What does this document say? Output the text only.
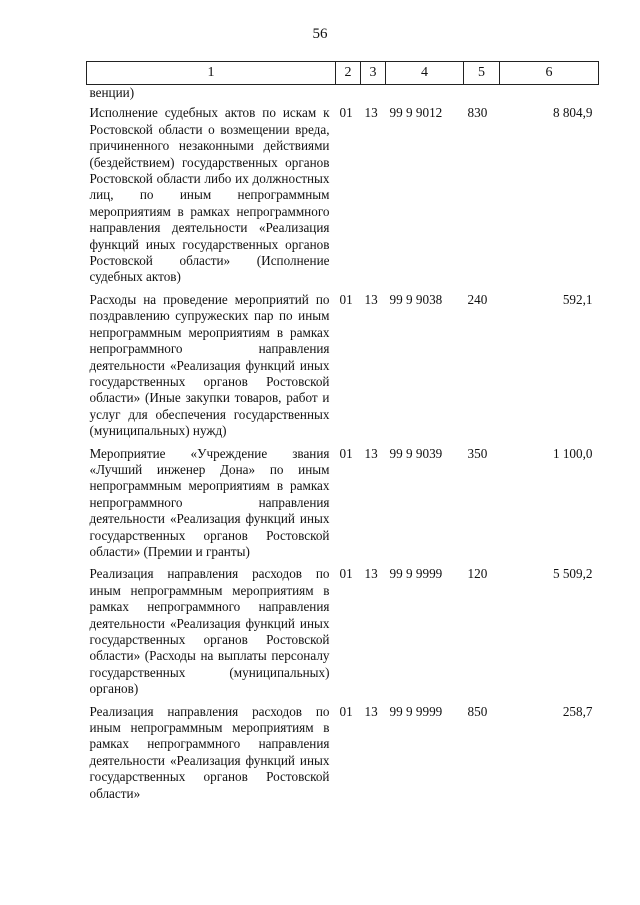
56
1	2	3	4	5	6
венции)					
Исполнение судебных актов по искам к Ростовской области о возмещении вреда, причиненного незаконными действиями (бездействием) государственных органов Ростовской области либо их должностных лиц, по иным непрограммным мероприятиям в рамках непрограммного направления деятельности «Реализация функций иных государственных органов Ростовской области» (Исполнение судебных актов)	01	13	99 9 9012	830	8 804,9
Расходы на проведение мероприятий по поздравлению супружеских пар по иным непрограммным мероприятиям в рамках непрограммного направления деятельности «Реализация функций иных государственных органов Ростовской области» (Иные закупки товаров, работ и услуг для обеспечения государственных (муниципальных) нужд)	01	13	99 9 9038	240	592,1
Мероприятие «Учреждение звания «Лучший инженер Дона» по иным непрограммным мероприятиям в рамках непрограммного направления деятельности «Реализация функций иных государственных органов Ростовской области» (Премии и гранты)	01	13	99 9 9039	350	1 100,0
Реализация направления расходов по иным непрограммным мероприятиям в рамках непрограммного направления деятельности «Реализация функций иных государственных органов Ростовской области» (Расходы на выплаты персоналу государственных (муниципальных) органов)	01	13	99 9 9999	120	5 509,2
Реализация направления расходов по иным непрограммным мероприятиям в рамках непрограммного направления деятельности «Реализация функций иных государственных органов Ростовской области»	01	13	99 9 9999	850	258,7
